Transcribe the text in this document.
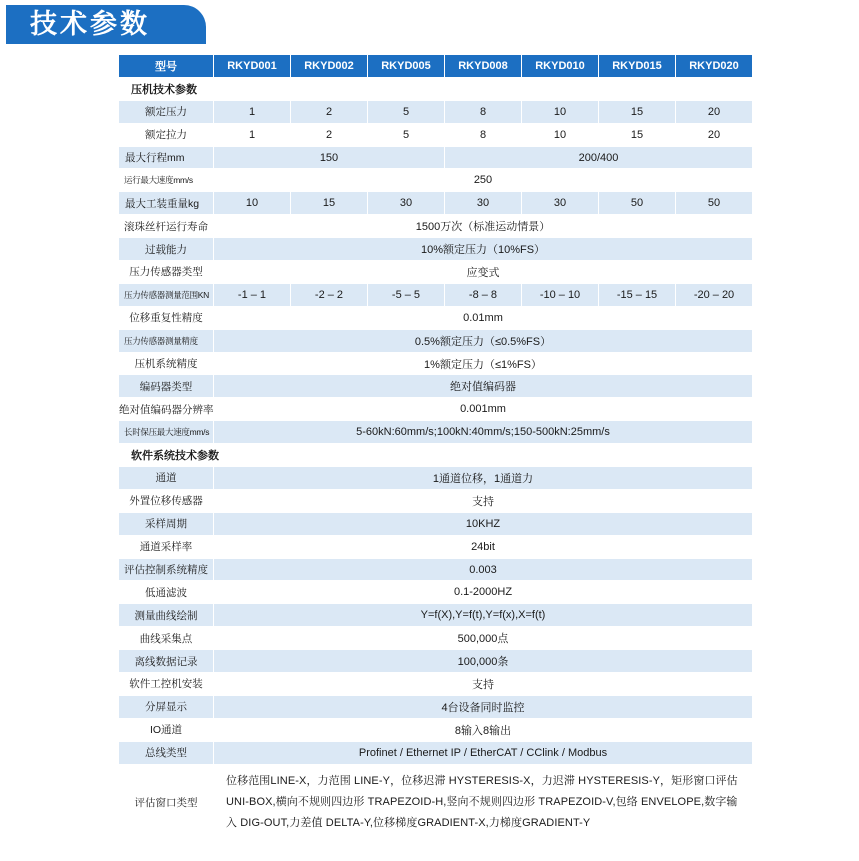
技术参数
型号	RKYD001	RKYD002	RKYD005	RKYD008	RKYD010	RKYD015	RKYD020
压机技术参数							
额定压力	1	2	5	8	10	15	20
额定拉力	1	2	5	8	10	15	20
最大行程mm	150			200/400			
运行最大速度mm/s	250						
最大工装重量kg	10	15	30	30	30	50	50
滚珠丝杆运行寿命	1500万次（标准运动情景）						
过载能力	10%额定压力（10%FS）						
压力传感器类型	应变式						
压力传感器测量范围KN	-1 – 1	-2 – 2	-5 – 5	-8 – 8	-10 – 10	-15 – 15	-20 – 20
位移重复性精度	0.01mm						
压力传感器测量精度	0.5%额定压力（≤0.5%FS）						
压机系统精度	1%额定压力（≤1%FS）						
编码器类型	绝对值编码器						
绝对值编码器分辨率	0.001mm						
长时保压最大速度mm/s	5-60kN:60mm/s;100kN:40mm/s;150-500kN:25mm/s						
软件系统技术参数							
通道	1通道位移，1通道力						
外置位移传感器	支持						
采样周期	10KHZ						
通道采样率	24bit						
评估控制系统精度	0.003						
低通滤波	0.1-2000HZ						
测量曲线绘制	Y=f(X),Y=f(t),Y=f(x),X=f(t)						
曲线采集点	500,000点						
离线数据记录	100,000条						
软件工控机安装	支持						
分屏显示	4台设备同时监控						
IO通道	8输入8输出						
总线类型	Profinet / Ethernet IP / EtherCAT / CClink / Modbus						
评估窗口类型	位移范围LINE-X，力范围 LINE-Y，位移迟滞 HYSTERESIS-X，力迟滞 HYSTERESIS-Y，矩形窗口评估 UNI-BOX,横向不规则四边形 TRAPEZOID-H,竖向不规则四边形 TRAPEZOID-V,包络 ENVELOPE,数字输入 DIG-OUT,力差值 DELTA-Y,位移梯度GRADIENT-X,力梯度GRADIENT-Y						
